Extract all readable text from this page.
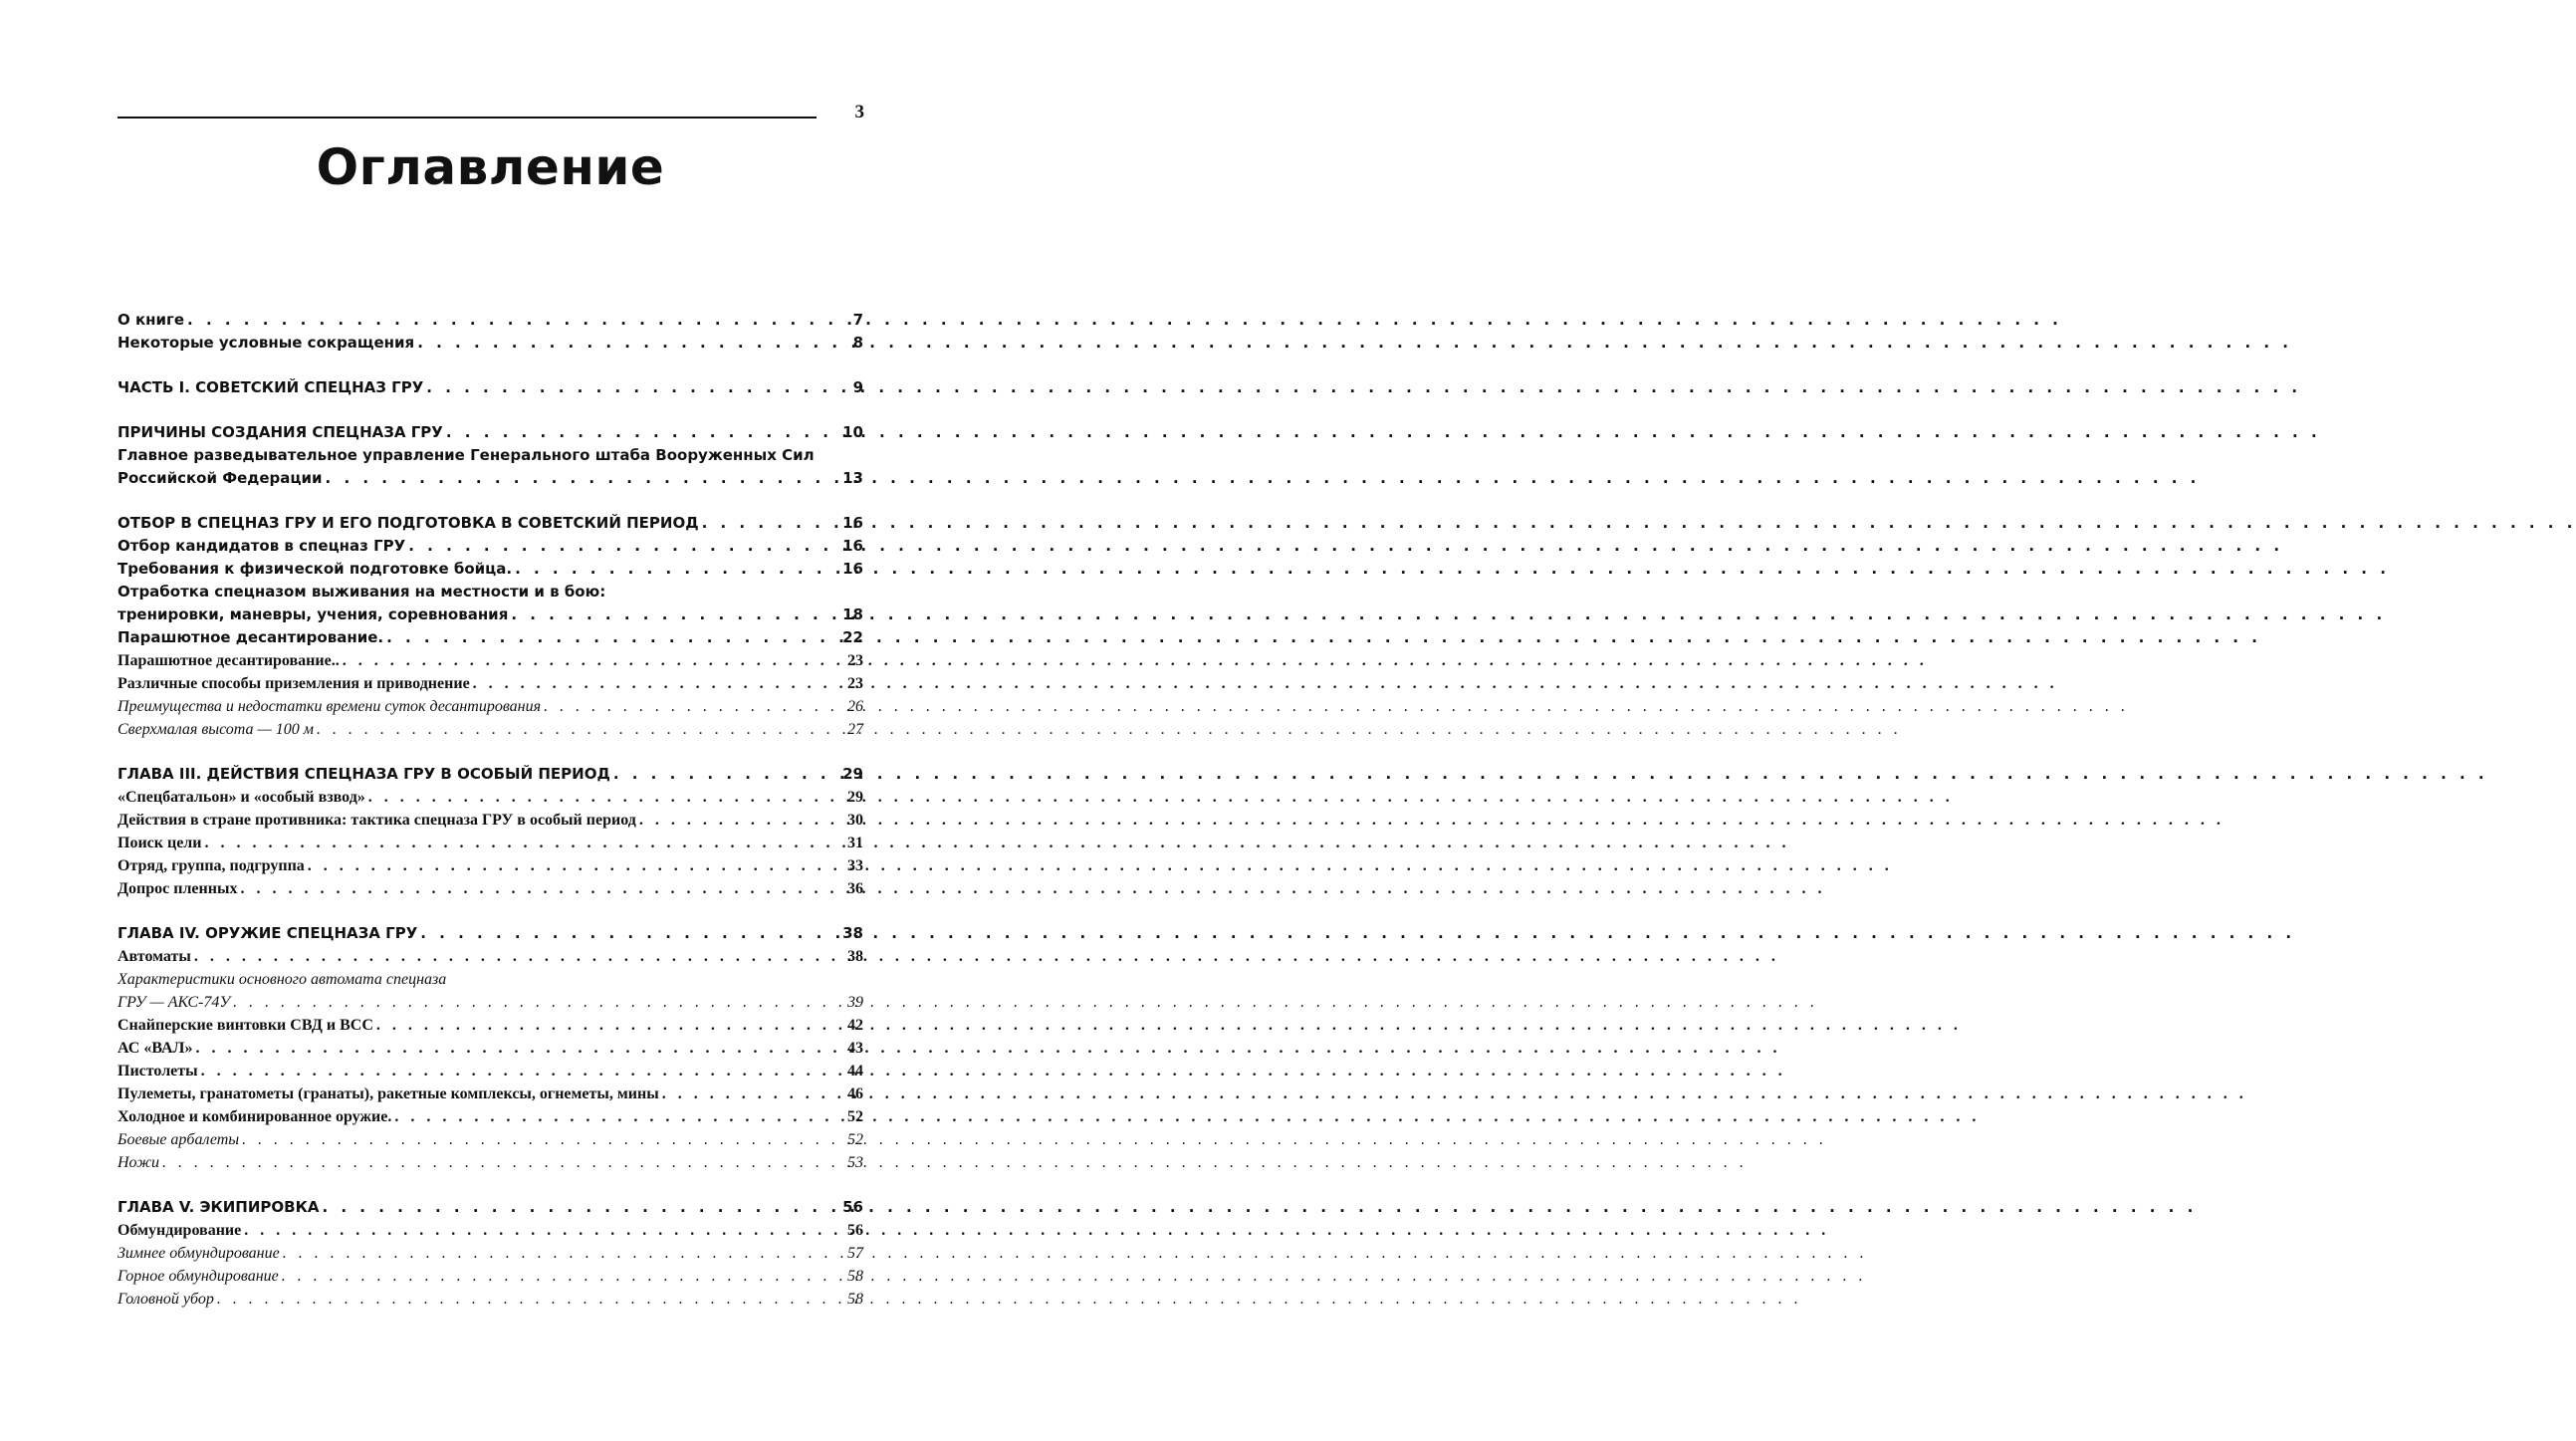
3
Оглавление
О книге . . .	7
Некоторые условные сокращения . . .	8
ЧАСТЬ I. СОВЕТСКИЙ СПЕЦНАЗ ГРУ . . .	9
ПРИЧИНЫ СОЗДАНИЯ СПЕЦНАЗА ГРУ . . .	10
Главное разведывательное управление Генерального штаба Вооруженных Сил
Российской Федерации . . .	13
ОТБОР В СПЕЦНАЗ ГРУ И ЕГО ПОДГОТОВКА В СОВЕТСКИЙ ПЕРИОД . . .	16
Отбор кандидатов в спецназ ГРУ . . .	16
Требования к физической подготовке бойца. . . .	16
Отработка спецназом выживания на местности и в бою:
тренировки, маневры, учения, соревнования . . .	18
Парашютное десантирование. . . .	22
Парашютное десантирование.. . . .	23
Различные способы приземления и приводнение . . .	23
Преимущества и недостатки времени суток десантирования . . .	26
Сверхмалая высота — 100 м . . .	27
ГЛАВА III. ДЕЙСТВИЯ СПЕЦНАЗА ГРУ В ОСОБЫЙ ПЕРИОД . . .	29
«Спецбатальон» и «особый взвод» . . .	29
Действия в стране противника: тактика спецназа ГРУ в особый период . . .	30
Поиск цели . . .	31
Отряд, группа, подгруппа . . .	33
Допрос пленных . . .	36
ГЛАВА IV. ОРУЖИЕ СПЕЦНАЗА ГРУ . . .	38
Автоматы . . .	38
Характеристики основного автомата спецназа
ГРУ — АКС-74У . . .	39
Снайперские винтовки СВД и ВСС . . .	42
АС «ВАЛ» . . .	43
Пистолеты . . .	44
Пулеметы, гранатометы (гранаты), ракетные комплексы, огнеметы, мины . . .	46
Холодное и комбинированное оружие. . . .	52
Боевые арбалеты . . .	52
Ножи . . .	53
ГЛАВА V. ЭКИПИРОВКА . . .	56
Обмундирование . . .	56
Зимнее обмундирование . . .	57
Горное обмундирование . . .	58
Головной убор . . .	58
